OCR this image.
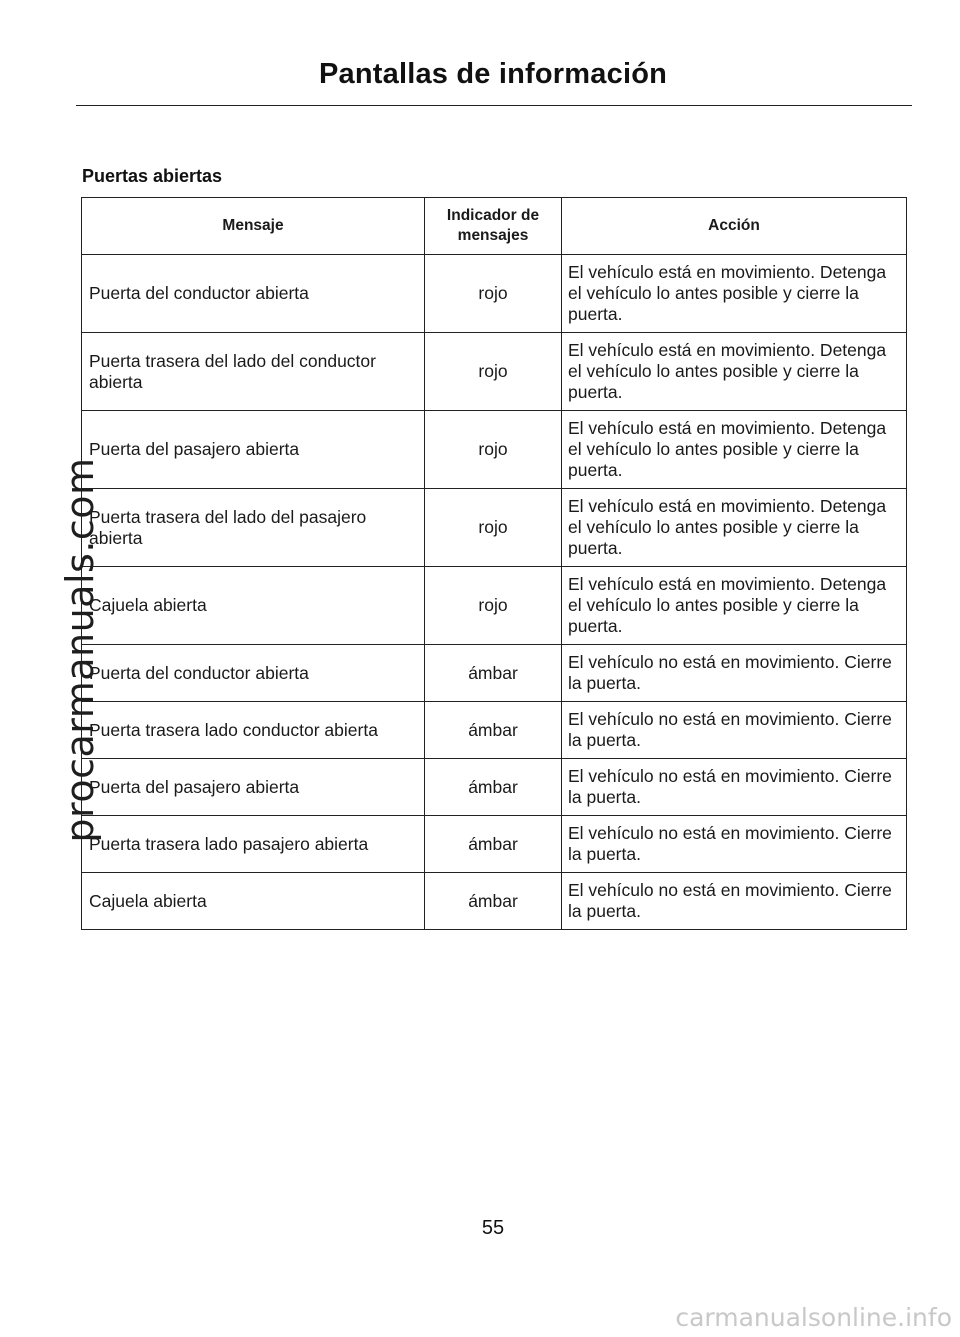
Pantallas de información
Puertas abiertas
Mensaje	Indicador de mensajes	Acción
Puerta del conductor abierta	rojo	El vehículo está en movimiento. Detenga el vehículo lo antes posible y cierre la puerta.
Puerta trasera del lado del conductor abierta	rojo	El vehículo está en movimiento. Detenga el vehículo lo antes posible y cierre la puerta.
Puerta del pasajero abierta	rojo	El vehículo está en movimiento. Detenga el vehículo lo antes posible y cierre la puerta.
Puerta trasera del lado del pasajero abierta	rojo	El vehículo está en movimiento. Detenga el vehículo lo antes posible y cierre la puerta.
Cajuela abierta	rojo	El vehículo está en movimiento. Detenga el vehículo lo antes posible y cierre la puerta.
Puerta del conductor abierta	ámbar	El vehículo no está en movimiento. Cierre la puerta.
Puerta trasera lado conductor abierta	ámbar	El vehículo no está en movimiento. Cierre la puerta.
Puerta del pasajero abierta	ámbar	El vehículo no está en movimiento. Cierre la puerta.
Puerta trasera lado pasajero abierta	ámbar	El vehículo no está en movimiento. Cierre la puerta.
Cajuela abierta	ámbar	El vehículo no está en movimiento. Cierre la puerta.
procarmanuals.com
55
carmanualsonline.info
